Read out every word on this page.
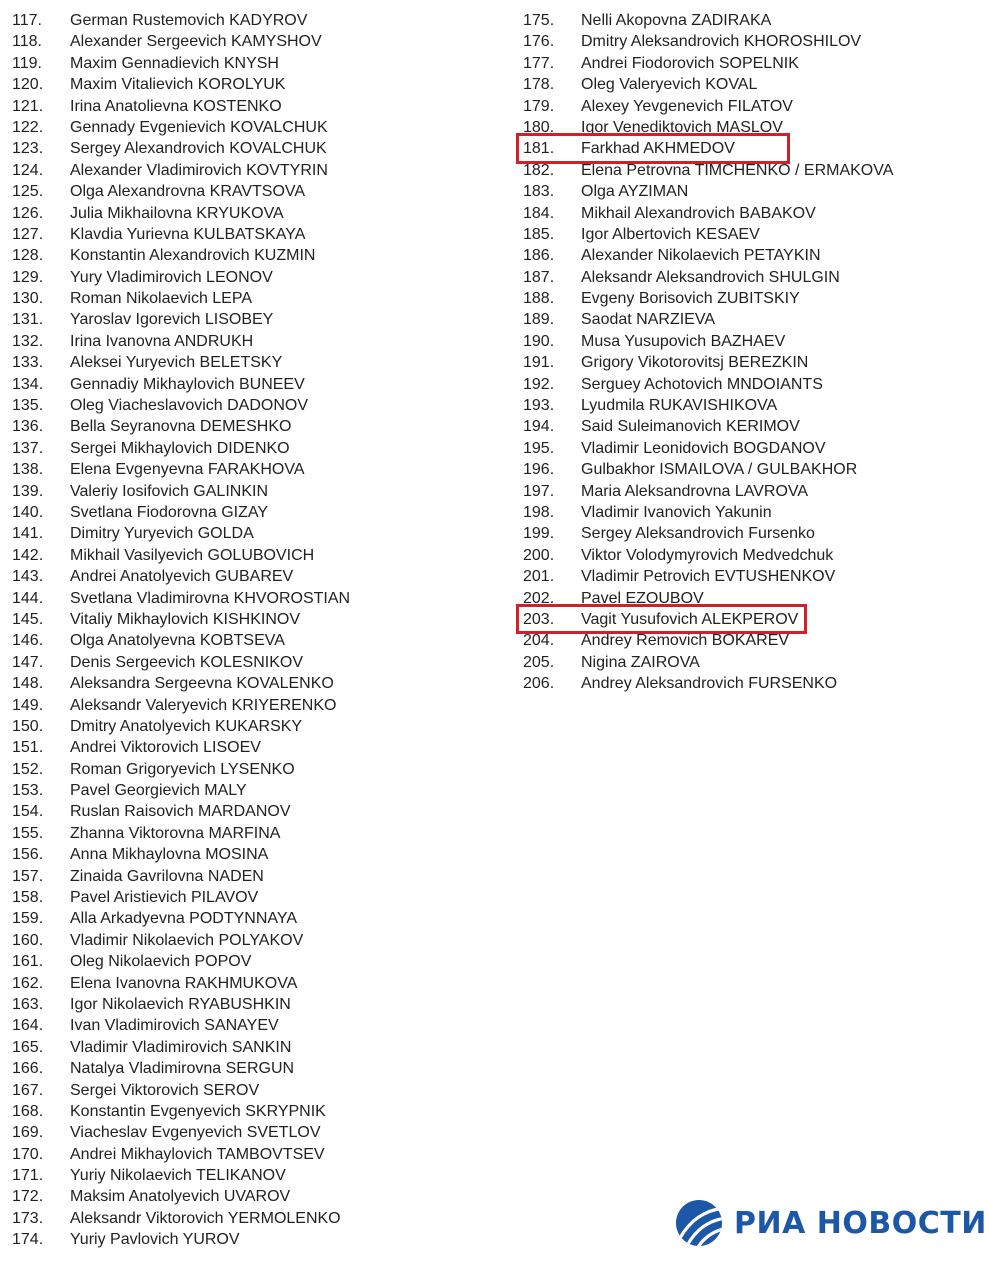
117. German Rustemovich KADYROV
118. Alexander Sergeevich KAMYSHOV
119. Maxim Gennadievich KNYSH
120. Maxim Vitalievich KOROLYUK
121. Irina Anatolievna KOSTENKO
122. Gennady Evgenievich KOVALCHUK
123. Sergey Alexandrovich KOVALCHUK
124. Alexander Vladimirovich KOVTYRIN
125. Olga Alexandrovna KRAVTSOVA
126. Julia Mikhailovna KRYUKOVA
127. Klavdia Yurievna KULBATSKAYA
128. Konstantin Alexandrovich KUZMIN
129. Yury Vladimirovich LEONOV
130. Roman Nikolaevich LEPA
131. Yaroslav Igorevich LISOBEY
132. Irina Ivanovna ANDRUKH
133. Aleksei Yuryevich BELETSKY
134. Gennadiy Mikhaylovich BUNEEV
135. Oleg Viacheslavovich DADONOV
136. Bella Seyranovna DEMESHKO
137. Sergei Mikhaylovich DIDENKO
138. Elena Evgenyevna FARAKHOVA
139. Valeriy Iosifovich GALINKIN
140. Svetlana Fiodorovna GIZAY
141. Dimitry Yuryevich GOLDA
142. Mikhail Vasilyevich GOLUBOVICH
143. Andrei Anatolyevich GUBAREV
144. Svetlana Vladimirovna KHVOROSTIAN
145. Vitaliy Mikhaylovich KISHKINOV
146. Olga Anatolyevna KOBTSEVA
147. Denis Sergeevich KOLESNIKOV
148. Aleksandra Sergeevna KOVALENKO
149. Aleksandr Valeryevich KRIYERENKO
150. Dmitry Anatolyevich KUKARSKY
151. Andrei Viktorovich LISOEV
152. Roman Grigoryevich LYSENKO
153. Pavel Georgievich MALY
154. Ruslan Raisovich MARDANOV
155. Zhanna Viktorovna MARFINA
156. Anna Mikhaylovna MOSINA
157. Zinaida Gavrilovna NADEN
158. Pavel Aristievich PILAVOV
159. Alla Arkadyevna PODTYNNAYA
160. Vladimir Nikolaevich POLYAKOV
161. Oleg Nikolaevich POPOV
162. Elena Ivanovna RAKHMUKOVA
163. Igor Nikolaevich RYABUSHKIN
164. Ivan Vladimirovich SANAYEV
165. Vladimir Vladimirovich SANKIN
166. Natalya Vladimirovna SERGUN
167. Sergei Viktorovich SEROV
168. Konstantin Evgenyevich SKRYPNIK
169. Viacheslav Evgenyevich SVETLOV
170. Andrei Mikhaylovich TAMBOVTSEV
171. Yuriy Nikolaevich TELIKANOV
172. Maksim Anatolyevich UVAROV
173. Aleksandr Viktorovich YERMOLENKO
174. Yuriy Pavlovich YUROV
175. Nelli Akopovna ZADIRAKA
176. Dmitry Aleksandrovich KHOROSHILOV
177. Andrei Fiodorovich SOPELNIK
178. Oleg Valeryevich KOVAL
179. Alexey Yevgenevich FILATOV
180. Igor Venediktovich MASLOV
181. Farkhad AKHMEDOV
182. Elena Petrovna TIMCHENKO / ERMAKOVA
183. Olga AYZIMAN
184. Mikhail Alexandrovich BABAKOV
185. Igor Albertovich KESAEV
186. Alexander Nikolaevich PETAYKIN
187. Aleksandr Aleksandrovich SHULGIN
188. Evgeny Borisovich ZUBITSKIY
189. Saodat NARZIEVA
190. Musa Yusupovich BAZHAEV
191. Grigory Vikotorovitsj BEREZKIN
192. Serguey Achotovich MNDOIANTS
193. Lyudmila RUKAVISHIKOVA
194. Said Suleimanovich KERIMOV
195. Vladimir Leonidovich BOGDANOV
196. Gulbakhor ISMAILOVA / GULBAKHOR
197. Maria Aleksandrovna LAVROVA
198. Vladimir Ivanovich Yakunin
199. Sergey Aleksandrovich Fursenko
200. Viktor Volodymyrovich Medvedchuk
201. Vladimir Petrovich EVTUSHENKOV
202. Pavel EZOUBOV
203. Vagit Yusufovich ALEKPEROV
204. Andrey Removich BOKAREV
205. Nigina ZAIROVA
206. Andrey Aleksandrovich FURSENKO
РИА НОВОСТИ
